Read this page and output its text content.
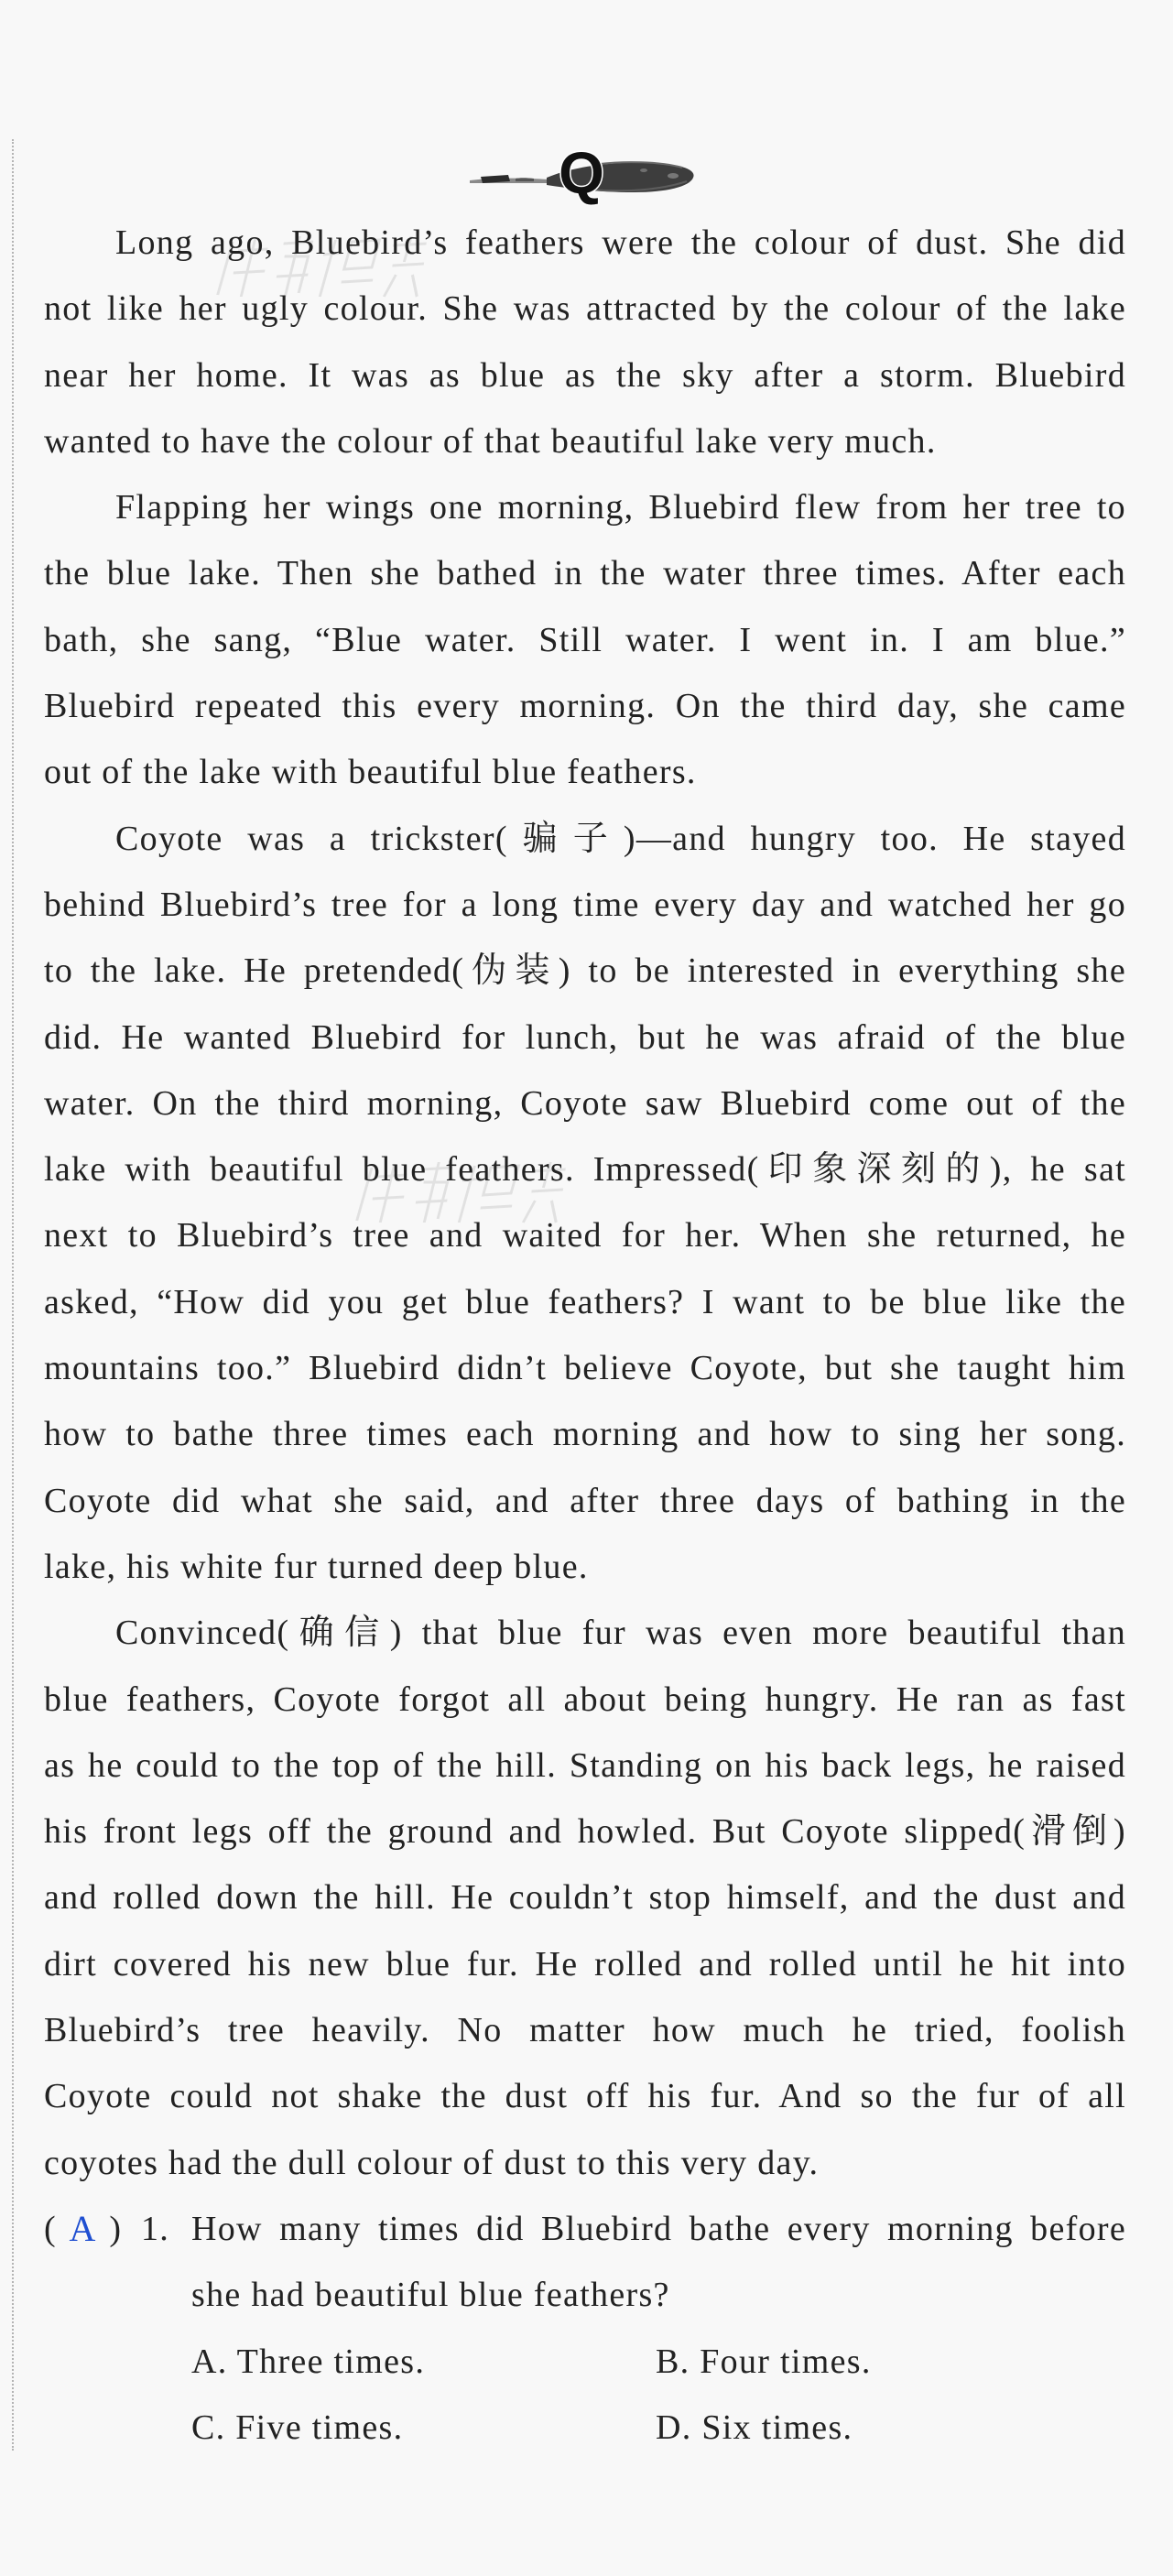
Q
Long ago, Bluebird’s feathers were the colour of dust. She did
not like her ugly colour. She was attracted by the colour of the lake
near her home. It was as blue as the sky after a storm. Bluebird
wanted to have the colour of that beautiful lake very much.
Flapping her wings one morning, Bluebird flew from her tree to
the blue lake. Then she bathed in the water three times. After each
bath, she sang, “Blue water. Still water. I went in. I am blue.”
Bluebird repeated this every morning. On the third day, she came
out of the lake with beautiful blue feathers.
Coyote was a trickster(骗子)—and hungry too. He stayed
behind Bluebird’s tree for a long time every day and watched her go
to the lake. He pretended(伪装) to be interested in everything she
did. He wanted Bluebird for lunch, but he was afraid of the blue
water. On the third morning, Coyote saw Bluebird come out of the
lake with beautiful blue feathers. Impressed(印象深刻的), he sat
next to Bluebird’s tree and waited for her. When she returned, he
asked, “How did you get blue feathers? I want to be blue like the
mountains too.” Bluebird didn’t believe Coyote, but she taught him
how to bathe three times each morning and how to sing her song.
Coyote did what she said, and after three days of bathing in the
lake, his white fur turned deep blue.
Convinced(确信) that blue fur was even more beautiful than
blue feathers, Coyote forgot all about being hungry. He ran as fast
as he could to the top of the hill. Standing on his back legs, he raised
his front legs off the ground and howled. But Coyote slipped(滑倒)
and rolled down the hill. He couldn’t stop himself, and the dust and
dirt covered his new blue fur. He rolled and rolled until he hit into
Bluebird’s tree heavily. No matter how much he tried, foolish
Coyote could not shake the dust off his fur. And so the fur of all
coyotes had the dull colour of dust to this very day.
( A ) 1. How many times did Bluebird bathe every morning before
she had beautiful blue feathers?
A. Three times.	B. Four times.
C. Five times.	D. Six times.
